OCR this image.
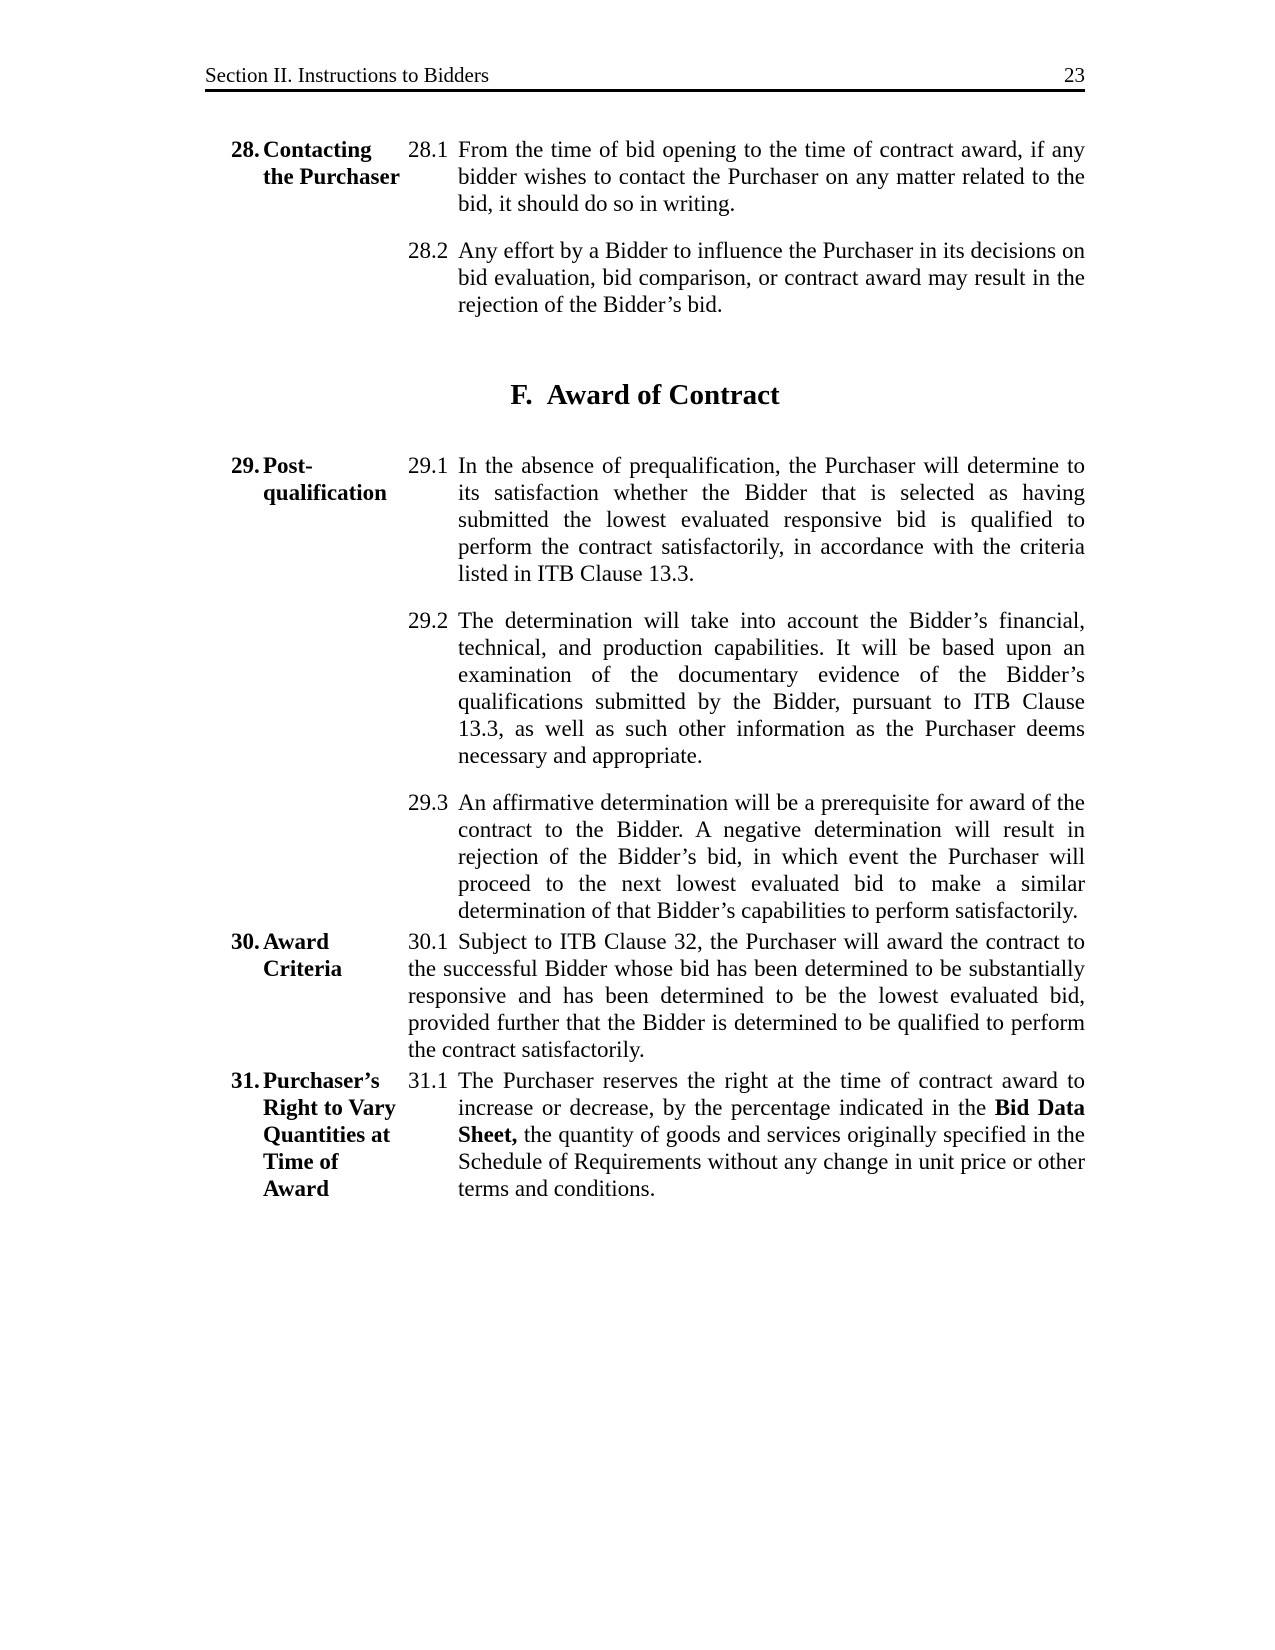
Section II. Instructions to Bidders	23
28. Contacting the Purchaser

28.1 From the time of bid opening to the time of contract award, if any bidder wishes to contact the Purchaser on any matter related to the bid, it should do so in writing.

28.2 Any effort by a Bidder to influence the Purchaser in its decisions on bid evaluation, bid comparison, or contract award may result in the rejection of the Bidder’s bid.

F. Award of Contract
29. Post-qualification

29.1 In the absence of prequalification, the Purchaser will determine to its satisfaction whether the Bidder that is selected as having submitted the lowest evaluated responsive bid is qualified to perform the contract satisfactorily, in accordance with the criteria listed in ITB Clause 13.3.

29.2 The determination will take into account the Bidder’s financial, technical, and production capabilities. It will be based upon an examination of the documentary evidence of the Bidder’s qualifications submitted by the Bidder, pursuant to ITB Clause 13.3, as well as such other information as the Purchaser deems necessary and appropriate.

29.3 An affirmative determination will be a prerequisite for award of the contract to the Bidder. A negative determination will result in rejection of the Bidder’s bid, in which event the Purchaser will proceed to the next lowest evaluated bid to make a similar determination of that Bidder’s capabilities to perform satisfactorily.

30. Award Criteria

30.1 Subject to ITB Clause 32, the Purchaser will award the contract to the successful Bidder whose bid has been determined to be substantially responsive and has been determined to be the lowest evaluated bid, provided further that the Bidder is determined to be qualified to perform the contract satisfactorily.

31. Purchaser’s Right to Vary Quantities at Time of Award

31.1 The Purchaser reserves the right at the time of contract award to increase or decrease, by the percentage indicated in the Bid Data Sheet, the quantity of goods and services originally specified in the Schedule of Requirements without any change in unit price or other terms and conditions.
